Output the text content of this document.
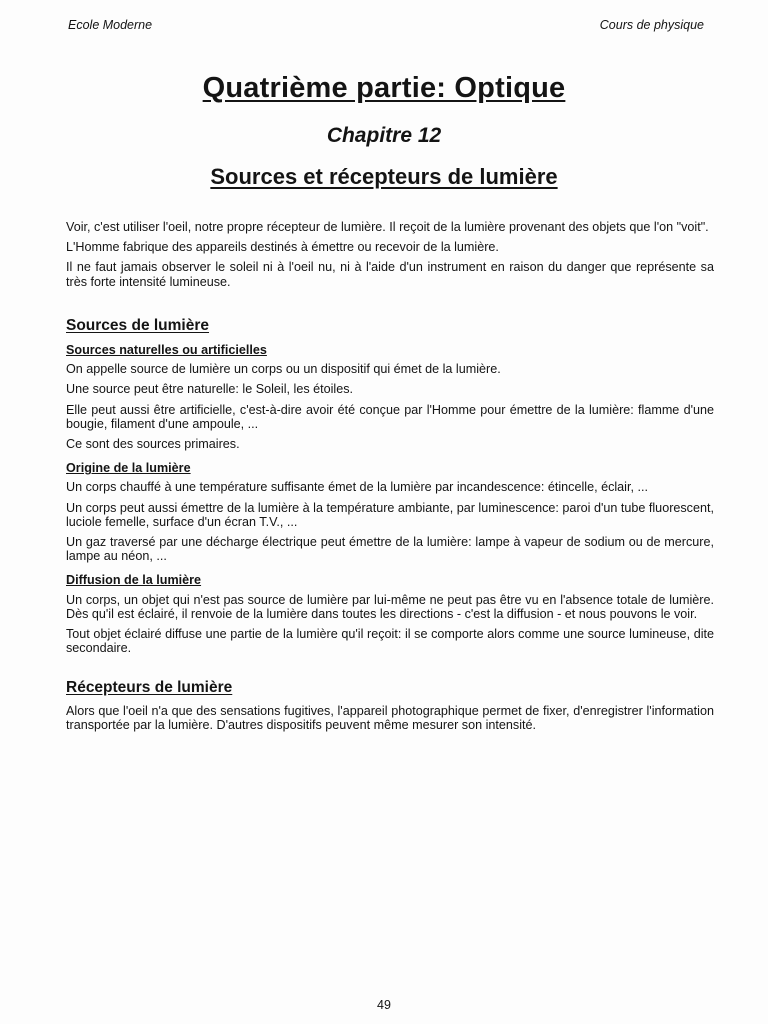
Ecole Moderne	Cours de physique
Quatrième partie: Optique
Chapitre 12
Sources et récepteurs de lumière

Voir, c'est utiliser l'oeil, notre propre récepteur de lumière. Il reçoit de la lumière provenant des objets que l'on "voit".

L'Homme fabrique des appareils destinés à émettre ou recevoir de la lumière.

Il ne faut jamais observer le soleil ni à l'oeil nu, ni à l'aide d'un instrument en raison du danger que représente sa très forte intensité lumineuse.

Sources de lumière
Sources naturelles ou artificielles

On appelle source de lumière un corps ou un dispositif qui émet de la lumière.

Une source peut être naturelle: le Soleil, les étoiles.

Elle peut aussi être artificielle, c'est-à-dire avoir été conçue par l'Homme pour émettre de la lumière: flamme d'une bougie, filament d'une ampoule, ...

Ce sont des sources primaires.

Origine de la lumière

Un corps chauffé à une température suffisante émet de la lumière par incandescence: étincelle, éclair, ...

Un corps peut aussi émettre de la lumière à la température ambiante, par luminescence: paroi d'un tube fluorescent, luciole femelle, surface d'un écran T.V., ...

Un gaz traversé par une décharge électrique peut émettre de la lumière: lampe à vapeur de sodium ou de mercure, lampe au néon, ...

Diffusion de la lumière

Un corps, un objet qui n'est pas source de lumière par lui-même ne peut pas être vu en l'absence totale de lumière. Dès qu'il est éclairé, il renvoie de la lumière dans toutes les directions - c'est la diffusion - et nous pouvons le voir.

Tout objet éclairé diffuse une partie de la lumière qu'il reçoit: il se comporte alors comme une source lumineuse, dite secondaire.

Récepteurs de lumière

Alors que l'oeil n'a que des sensations fugitives, l'appareil photographique permet de fixer, d'enregistrer l'information transportée par la lumière. D'autres dispositifs peuvent même mesurer son intensité.

49
